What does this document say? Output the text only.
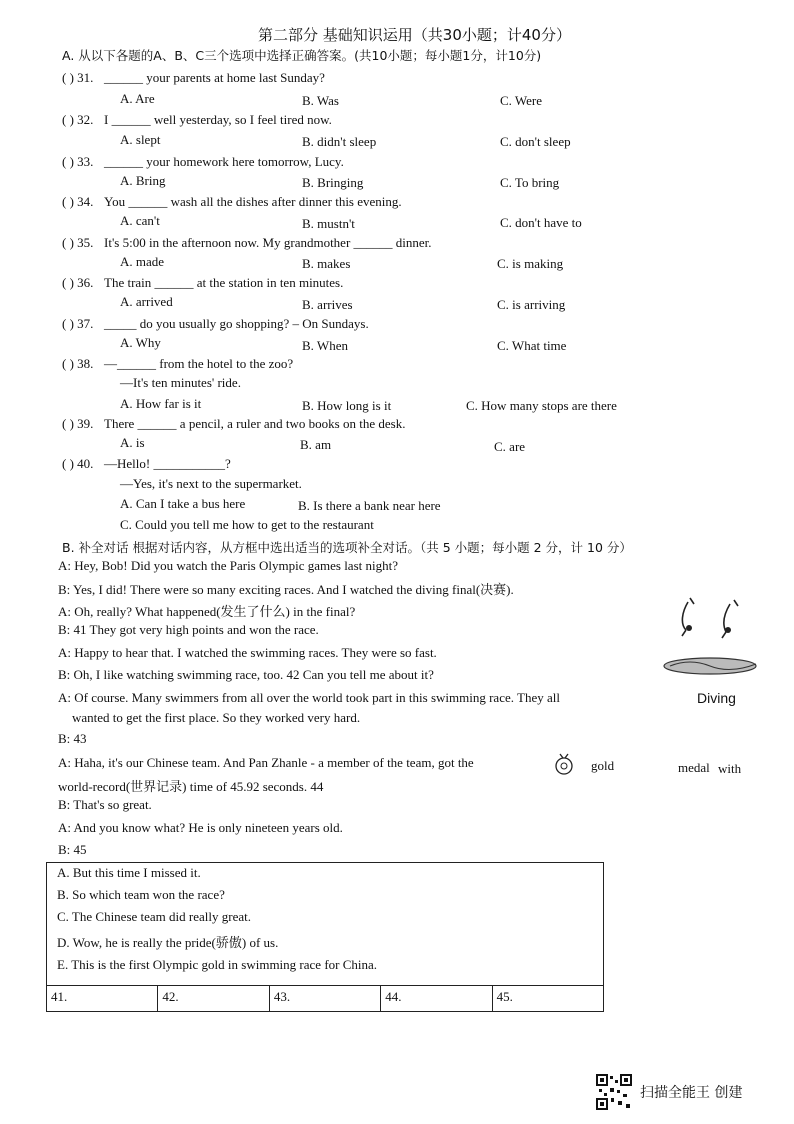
第二部分 基础知识运用（共30小题；计40分）
A. 从以下各题的A、B、C三个选项中选择正确答案。(共10小题；每小题1分，计10分)
( ) 31. ______ your parents at home last Sunday?
A. Are	B. Was	C. Were
( ) 32. I ______ well yesterday, so I feel tired now.
A. slept	B. didn't sleep	C. don't sleep
( ) 33. ______ your homework here tomorrow, Lucy.
A. Bring	B. Bringing	C. To bring
( ) 34. You ______ wash all the dishes after dinner this evening.
A. can't	B. mustn't	C. don't have to
( ) 35. It's 5:00 in the afternoon now. My grandmother ______ dinner.
A. made	B. makes	C. is making
( ) 36. The train ______ at the station in ten minutes.
A. arrived	B. arrives	C. is arriving
( ) 37. _____ do you usually go shopping? – On Sundays.
A. Why	B. When	C. What time
( ) 38. —______ from the hotel to the zoo?
—It's ten minutes' ride.
A. How far is it	B. How long is it	C. How many stops are there
( ) 39. There ______ a pencil, a ruler and two books on the desk.
A. is	B. am	C. are
( ) 40. —Hello! ___________?
—Yes, it's next to the supermarket.
A. Can I take a bus here	B. Is there a bank near here
C. Could you tell me how to get to the restaurant
B. 补全对话 根据对话内容，从方框中选出适当的选项补全对话。（共 5 小题；每小题 2 分，计 10 分）
A: Hey, Bob! Did you watch the Paris Olympic games last night?
B: Yes, I did! There were so many exciting races. And I watched the diving final(决赛).
A: Oh, really? What happened(发生了什么) in the final?
B: 41 They got very high points and won the race.
A: Happy to hear that. I watched the swimming races. They were so fast.
B: Oh, I like watching swimming race, too. 42 Can you tell me about it?
A: Of course. Many swimmers from all over the world took part in this swimming race. They all
wanted to get the first place. So they worked very hard.
B: 43
A: Haha, it's our Chinese team. And Pan Zhanle - a member of the team, got the	gold	medal with
world-record(世界记录) time of 45.92 seconds. 44
B: That's so great.
A: And you know what? He is only nineteen years old.
B: 45
Diving
A. But this time I missed it.
B. So which team won the race?
C. The Chinese team did really great.
D. Wow, he is really the pride(骄傲) of us.
E. This is the first Olympic gold in swimming race for China.
41.	42.	43.	44.	45.
扫描全能王 创建
